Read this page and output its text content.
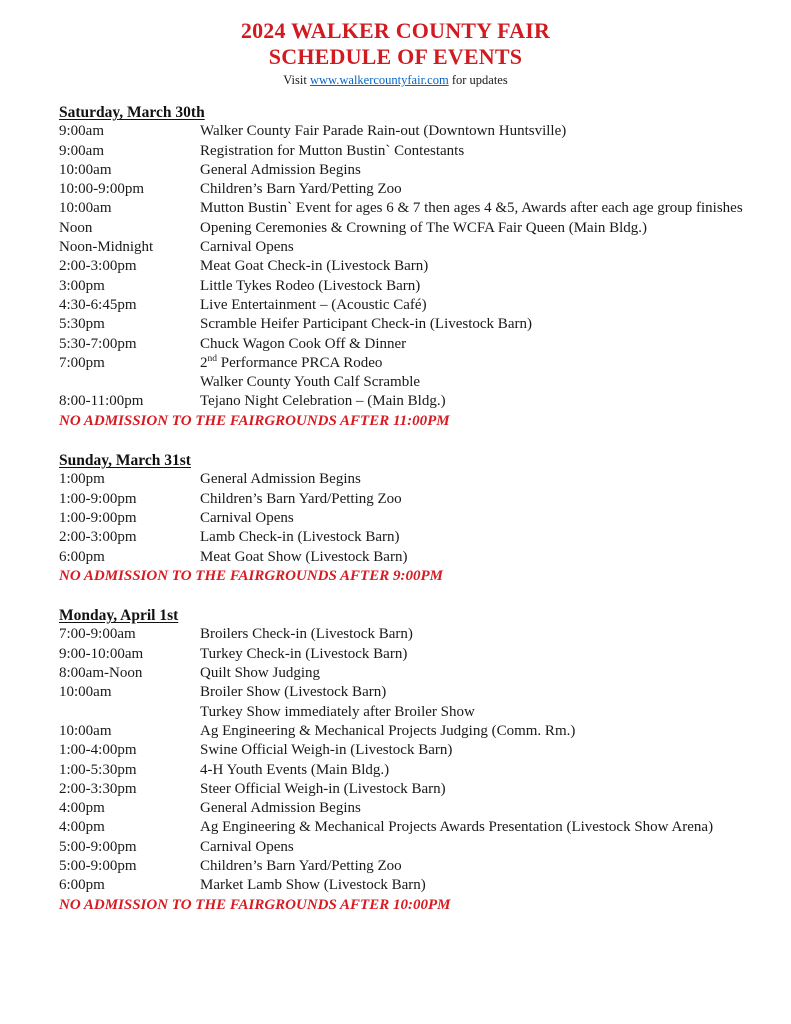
2024 WALKER COUNTY FAIR
SCHEDULE OF EVENTS

Visit www.walkercountyfair.com for updates

Saturday, March 30th
9:00am	Walker County Fair Parade Rain-out (Downtown Huntsville)
9:00am	Registration for Mutton Bustin` Contestants
10:00am	General Admission Begins
10:00-9:00pm	Children’s Barn Yard/Petting Zoo
10:00am	Mutton Bustin` Event for ages 6 & 7 then ages 4 &5, Awards after each age group finishes
Noon	Opening Ceremonies & Crowning of The WCFA Fair Queen (Main Bldg.)
Noon-Midnight	Carnival Opens
2:00-3:00pm	Meat Goat Check-in (Livestock Barn)
3:00pm	Little Tykes Rodeo (Livestock Barn)
4:30-6:45pm	Live Entertainment – (Acoustic Café)
5:30pm	Scramble Heifer Participant Check-in (Livestock Barn)
5:30-7:00pm	Chuck Wagon Cook Off & Dinner
7:00pm	2nd Performance PRCA Rodeo
Walker County Youth Calf Scramble
8:00-11:00pm	Tejano Night Celebration – (Main Bldg.)

NO ADMISSION TO THE FAIRGROUNDS AFTER 11:00PM

Sunday, March 31st
1:00pm	General Admission Begins
1:00-9:00pm	Children’s Barn Yard/Petting Zoo
1:00-9:00pm	Carnival Opens
2:00-3:00pm	Lamb Check-in (Livestock Barn)
6:00pm	Meat Goat Show (Livestock Barn)

NO ADMISSION TO THE FAIRGROUNDS AFTER 9:00PM

Monday, April 1st
7:00-9:00am	Broilers Check-in (Livestock Barn)
9:00-10:00am	Turkey Check-in (Livestock Barn)
8:00am-Noon	Quilt Show Judging
10:00am	Broiler Show (Livestock Barn)
Turkey Show immediately after Broiler Show
10:00am	Ag Engineering & Mechanical Projects Judging (Comm. Rm.)
1:00-4:00pm	Swine Official Weigh-in (Livestock Barn)
1:00-5:30pm	4-H Youth Events (Main Bldg.)
2:00-3:30pm	Steer Official Weigh-in (Livestock Barn)
4:00pm	General Admission Begins
4:00pm	Ag Engineering & Mechanical Projects Awards Presentation (Livestock Show Arena)
5:00-9:00pm	Carnival Opens
5:00-9:00pm	Children’s Barn Yard/Petting Zoo
6:00pm	Market Lamb Show (Livestock Barn)

NO ADMISSION TO THE FAIRGROUNDS AFTER 10:00PM
